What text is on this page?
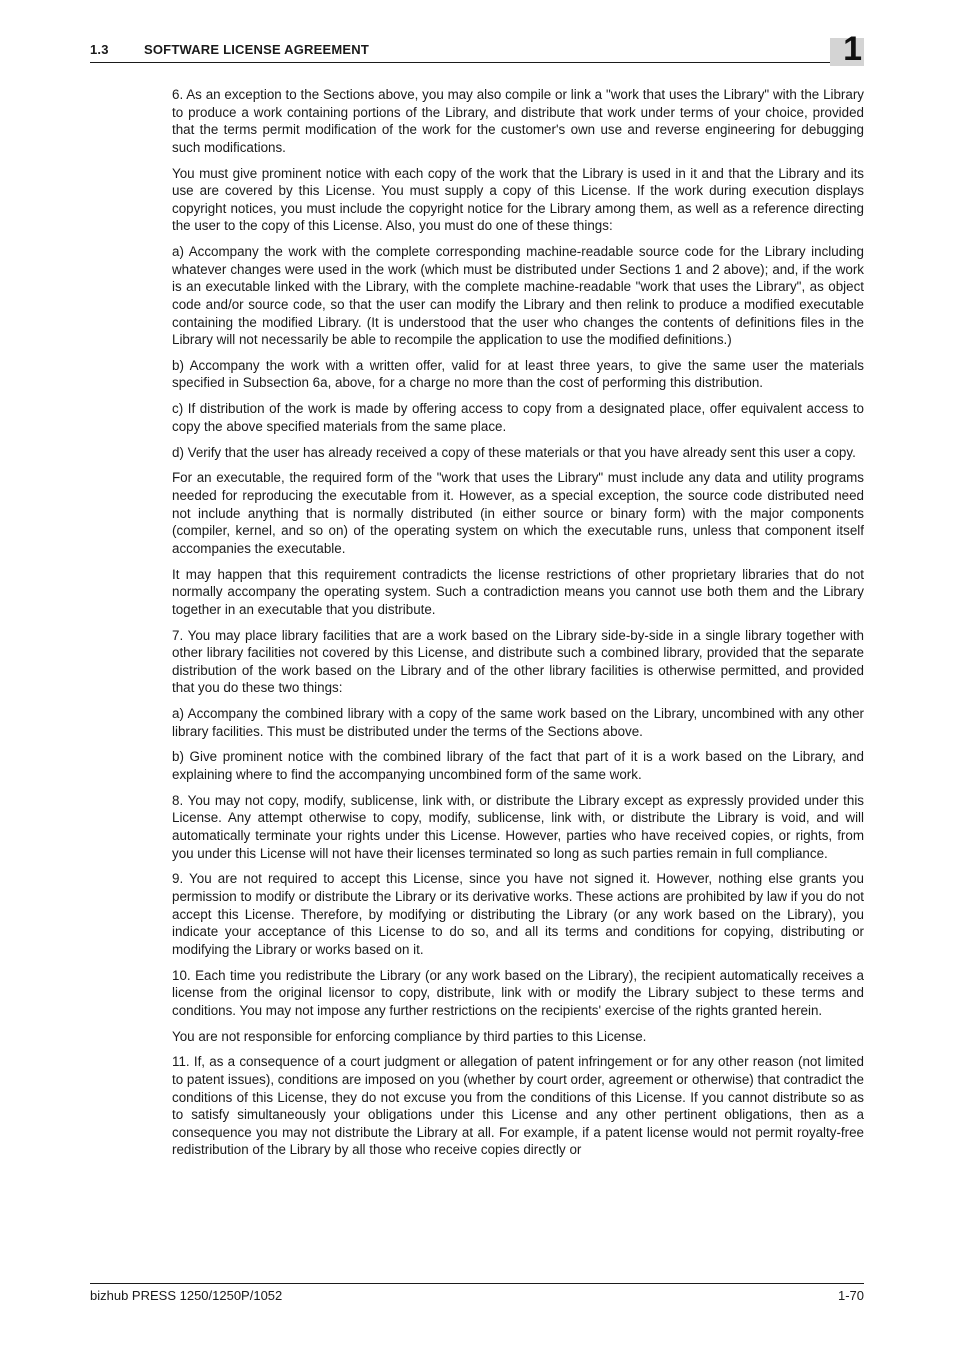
1.3	SOFTWARE LICENSE AGREEMENT	1

6. As an exception to the Sections above, you may also compile or link a "work that uses the Library" with the Library to produce a work containing portions of the Library, and distribute that work under terms of your choice, provided that the terms permit modification of the work for the customer's own use and reverse engineering for debugging such modifications.

You must give prominent notice with each copy of the work that the Library is used in it and that the Library and its use are covered by this License. You must supply a copy of this License. If the work during execution displays copyright notices, you must include the copyright notice for the Library among them, as well as a reference directing the user to the copy of this License. Also, you must do one of these things:

a) Accompany the work with the complete corresponding machine-readable source code for the Library including whatever changes were used in the work (which must be distributed under Sections 1 and 2 above); and, if the work is an executable linked with the Library, with the complete machine-readable "work that uses the Library", as object code and/or source code, so that the user can modify the Library and then relink to produce a modified executable containing the modified Library. (It is understood that the user who changes the contents of definitions files in the Library will not necessarily be able to recompile the application to use the modified definitions.)

b) Accompany the work with a written offer, valid for at least three years, to give the same user the materials specified in Subsection 6a, above, for a charge no more than the cost of performing this distribution.

c) If distribution of the work is made by offering access to copy from a designated place, offer equivalent access to copy the above specified materials from the same place.

d) Verify that the user has already received a copy of these materials or that you have already sent this user a copy.

For an executable, the required form of the "work that uses the Library" must include any data and utility programs needed for reproducing the executable from it. However, as a special exception, the source code distributed need not include anything that is normally distributed (in either source or binary form) with the major components (compiler, kernel, and so on) of the operating system on which the executable runs, unless that component itself accompanies the executable.

It may happen that this requirement contradicts the license restrictions of other proprietary libraries that do not normally accompany the operating system. Such a contradiction means you cannot use both them and the Library together in an executable that you distribute.

7. You may place library facilities that are a work based on the Library side-by-side in a single library together with other library facilities not covered by this License, and distribute such a combined library, provided that the separate distribution of the work based on the Library and of the other library facilities is otherwise permitted, and provided that you do these two things:

a) Accompany the combined library with a copy of the same work based on the Library, uncombined with any other library facilities. This must be distributed under the terms of the Sections above.

b) Give prominent notice with the combined library of the fact that part of it is a work based on the Library, and explaining where to find the accompanying uncombined form of the same work.

8. You may not copy, modify, sublicense, link with, or distribute the Library except as expressly provided under this License. Any attempt otherwise to copy, modify, sublicense, link with, or distribute the Library is void, and will automatically terminate your rights under this License. However, parties who have received copies, or rights, from you under this License will not have their licenses terminated so long as such parties remain in full compliance.

9. You are not required to accept this License, since you have not signed it. However, nothing else grants you permission to modify or distribute the Library or its derivative works. These actions are prohibited by law if you do not accept this License. Therefore, by modifying or distributing the Library (or any work based on the Library), you indicate your acceptance of this License to do so, and all its terms and conditions for copying, distributing or modifying the Library or works based on it.

10. Each time you redistribute the Library (or any work based on the Library), the recipient automatically receives a license from the original licensor to copy, distribute, link with or modify the Library subject to these terms and conditions. You may not impose any further restrictions on the recipients' exercise of the rights granted herein.

You are not responsible for enforcing compliance by third parties to this License.

11. If, as a consequence of a court judgment or allegation of patent infringement or for any other reason (not limited to patent issues), conditions are imposed on you (whether by court order, agreement or otherwise) that contradict the conditions of this License, they do not excuse you from the conditions of this License. If you cannot distribute so as to satisfy simultaneously your obligations under this License and any other pertinent obligations, then as a consequence you may not distribute the Library at all. For example, if a patent license would not permit royalty-free redistribution of the Library by all those who receive copies directly or

bizhub PRESS 1250/1250P/1052	1-70
